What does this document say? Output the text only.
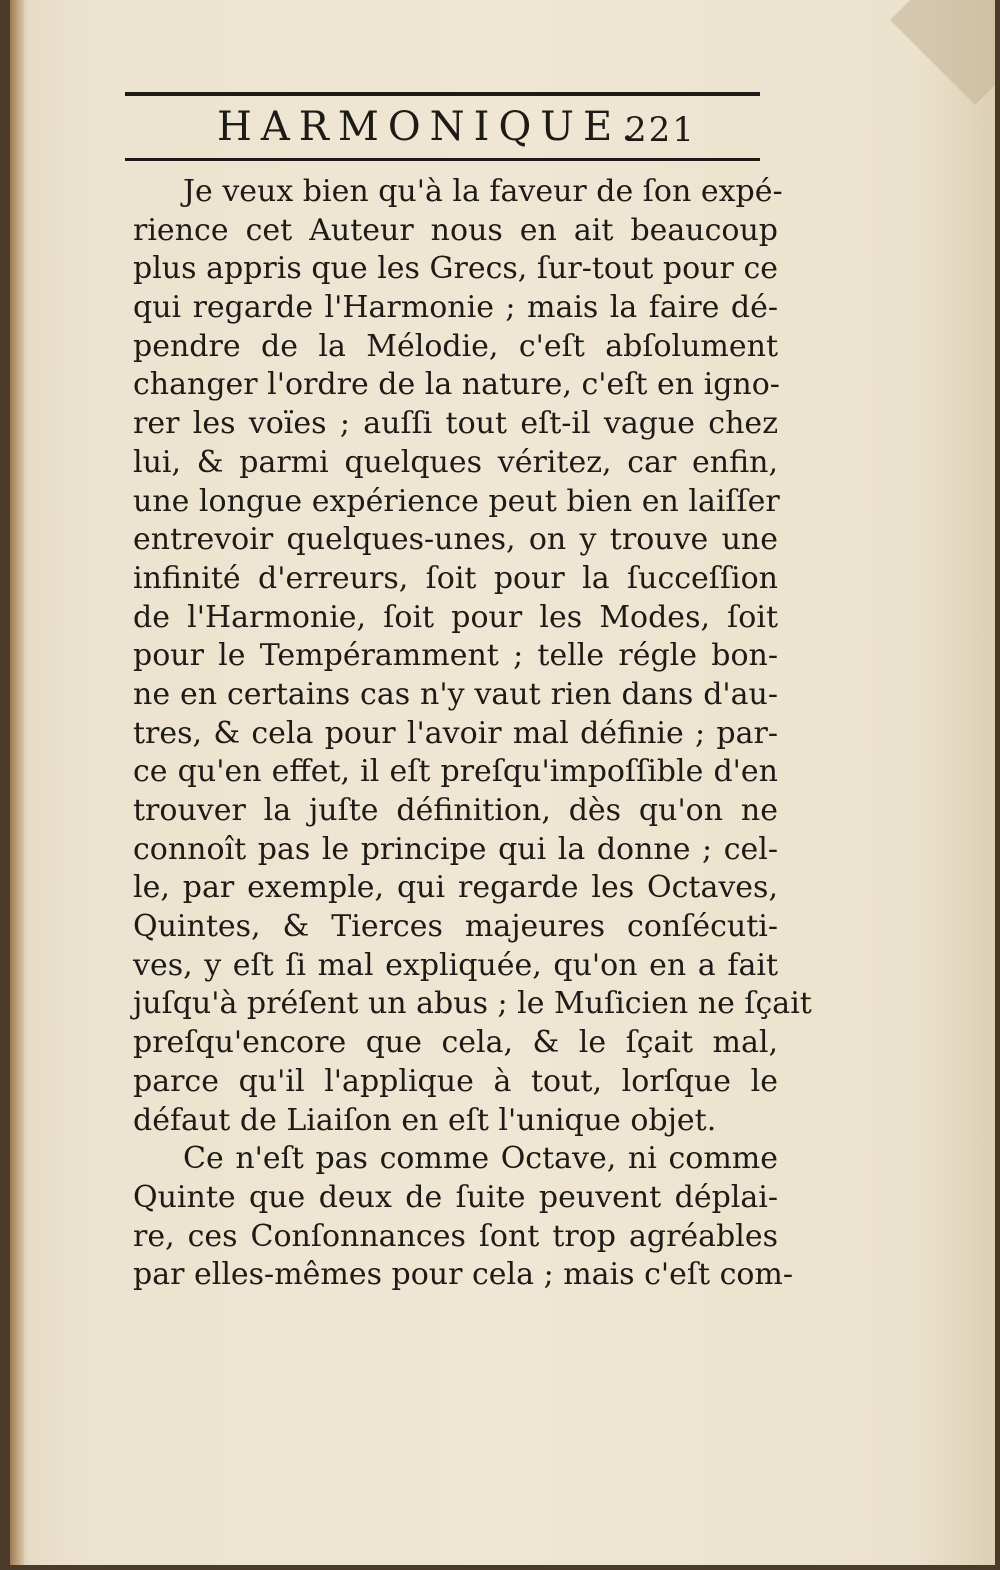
HARMONIQUE.
221
Je veux bien qu'à la faveur de ſon expé-
rience cet Auteur nous en ait beaucoup
plus appris que les Grecs, ſur-tout pour ce
qui regarde l'Harmonie ; mais la faire dé-
pendre de la Mélodie, c'eſt abſolument
changer l'ordre de la nature, c'eſt en igno-
rer les voïes ; auſſi tout eſt-il vague chez
lui, & parmi quelques véritez, car enfin,
une longue expérience peut bien en laiſſer
entrevoir quelques-unes, on y trouve une
infinité d'erreurs, ſoit pour la ſucceſſion
de l'Harmonie, ſoit pour les Modes, ſoit
pour le Tempéramment ; telle régle bon-
ne en certains cas n'y vaut rien dans d'au-
tres, & cela pour l'avoir mal définie ; par-
ce qu'en effet, il eſt preſqu'impoſſible d'en
trouver la juſte définition, dès qu'on ne
connoît pas le principe qui la donne ; cel-
le, par exemple, qui regarde les Octaves,
Quintes, & Tierces majeures conſécuti-
ves, y eſt ſi mal expliquée, qu'on en a fait
juſqu'à préſent un abus ; le Muſicien ne ſçait
preſqu'encore que cela, & le ſçait mal,
parce qu'il l'applique à tout, lorſque le
défaut de Liaiſon en eſt l'unique objet.
Ce n'eſt pas comme Octave, ni comme
Quinte que deux de ſuite peuvent déplai-
re, ces Conſonnances ſont trop agréables
par elles-mêmes pour cela ; mais c'eſt com-
